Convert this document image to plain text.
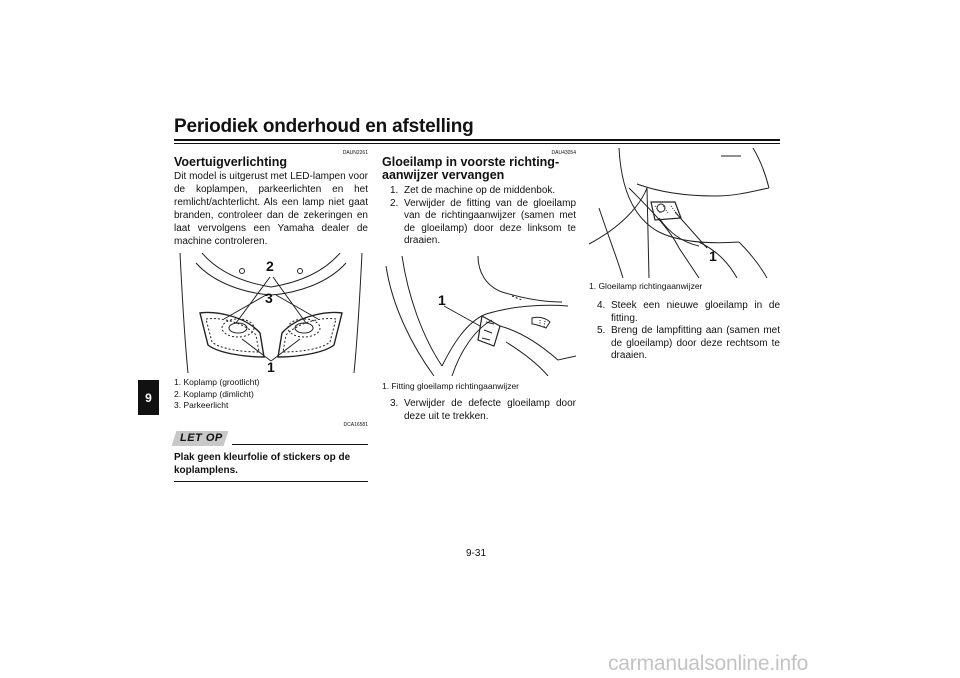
Periodiek onderhoud en afstelling
9
DAUN2261
Voertuigverlichting
Dit model is uitgerust met LED-lampen voor de koplampen, parkeerlichten en het remlicht/achterlicht. Als een lamp niet gaat branden, controleer dan de zekeringen en laat vervolgens een Yamaha dealer de machine controleren.
2
3
1
1. Koplamp (grootlicht)
2. Koplamp (dimlicht)
3. Parkeerlicht
DCA16581
LET OP
Plak geen kleurfolie of stickers op de koplamplens.
DAU43054
Gloeilamp in voorste richting-
aanwijzer vervangen
1. Zet de machine op de middenbok.
2. Verwijder de fitting van de gloeilamp van de richtingaanwijzer (samen met de gloeilamp) door deze linksom te draaien.
1
1. Fitting gloeilamp richtingaanwijzer
3. Verwijder de defecte gloeilamp door deze uit te trekken.
1
1. Gloeilamp richtingaanwijzer
4. Steek een nieuwe gloeilamp in de fitting.
5. Breng de lampfitting aan (samen met de gloeilamp) door deze rechtsom te draaien.
9-31
carmanualsonline.info
